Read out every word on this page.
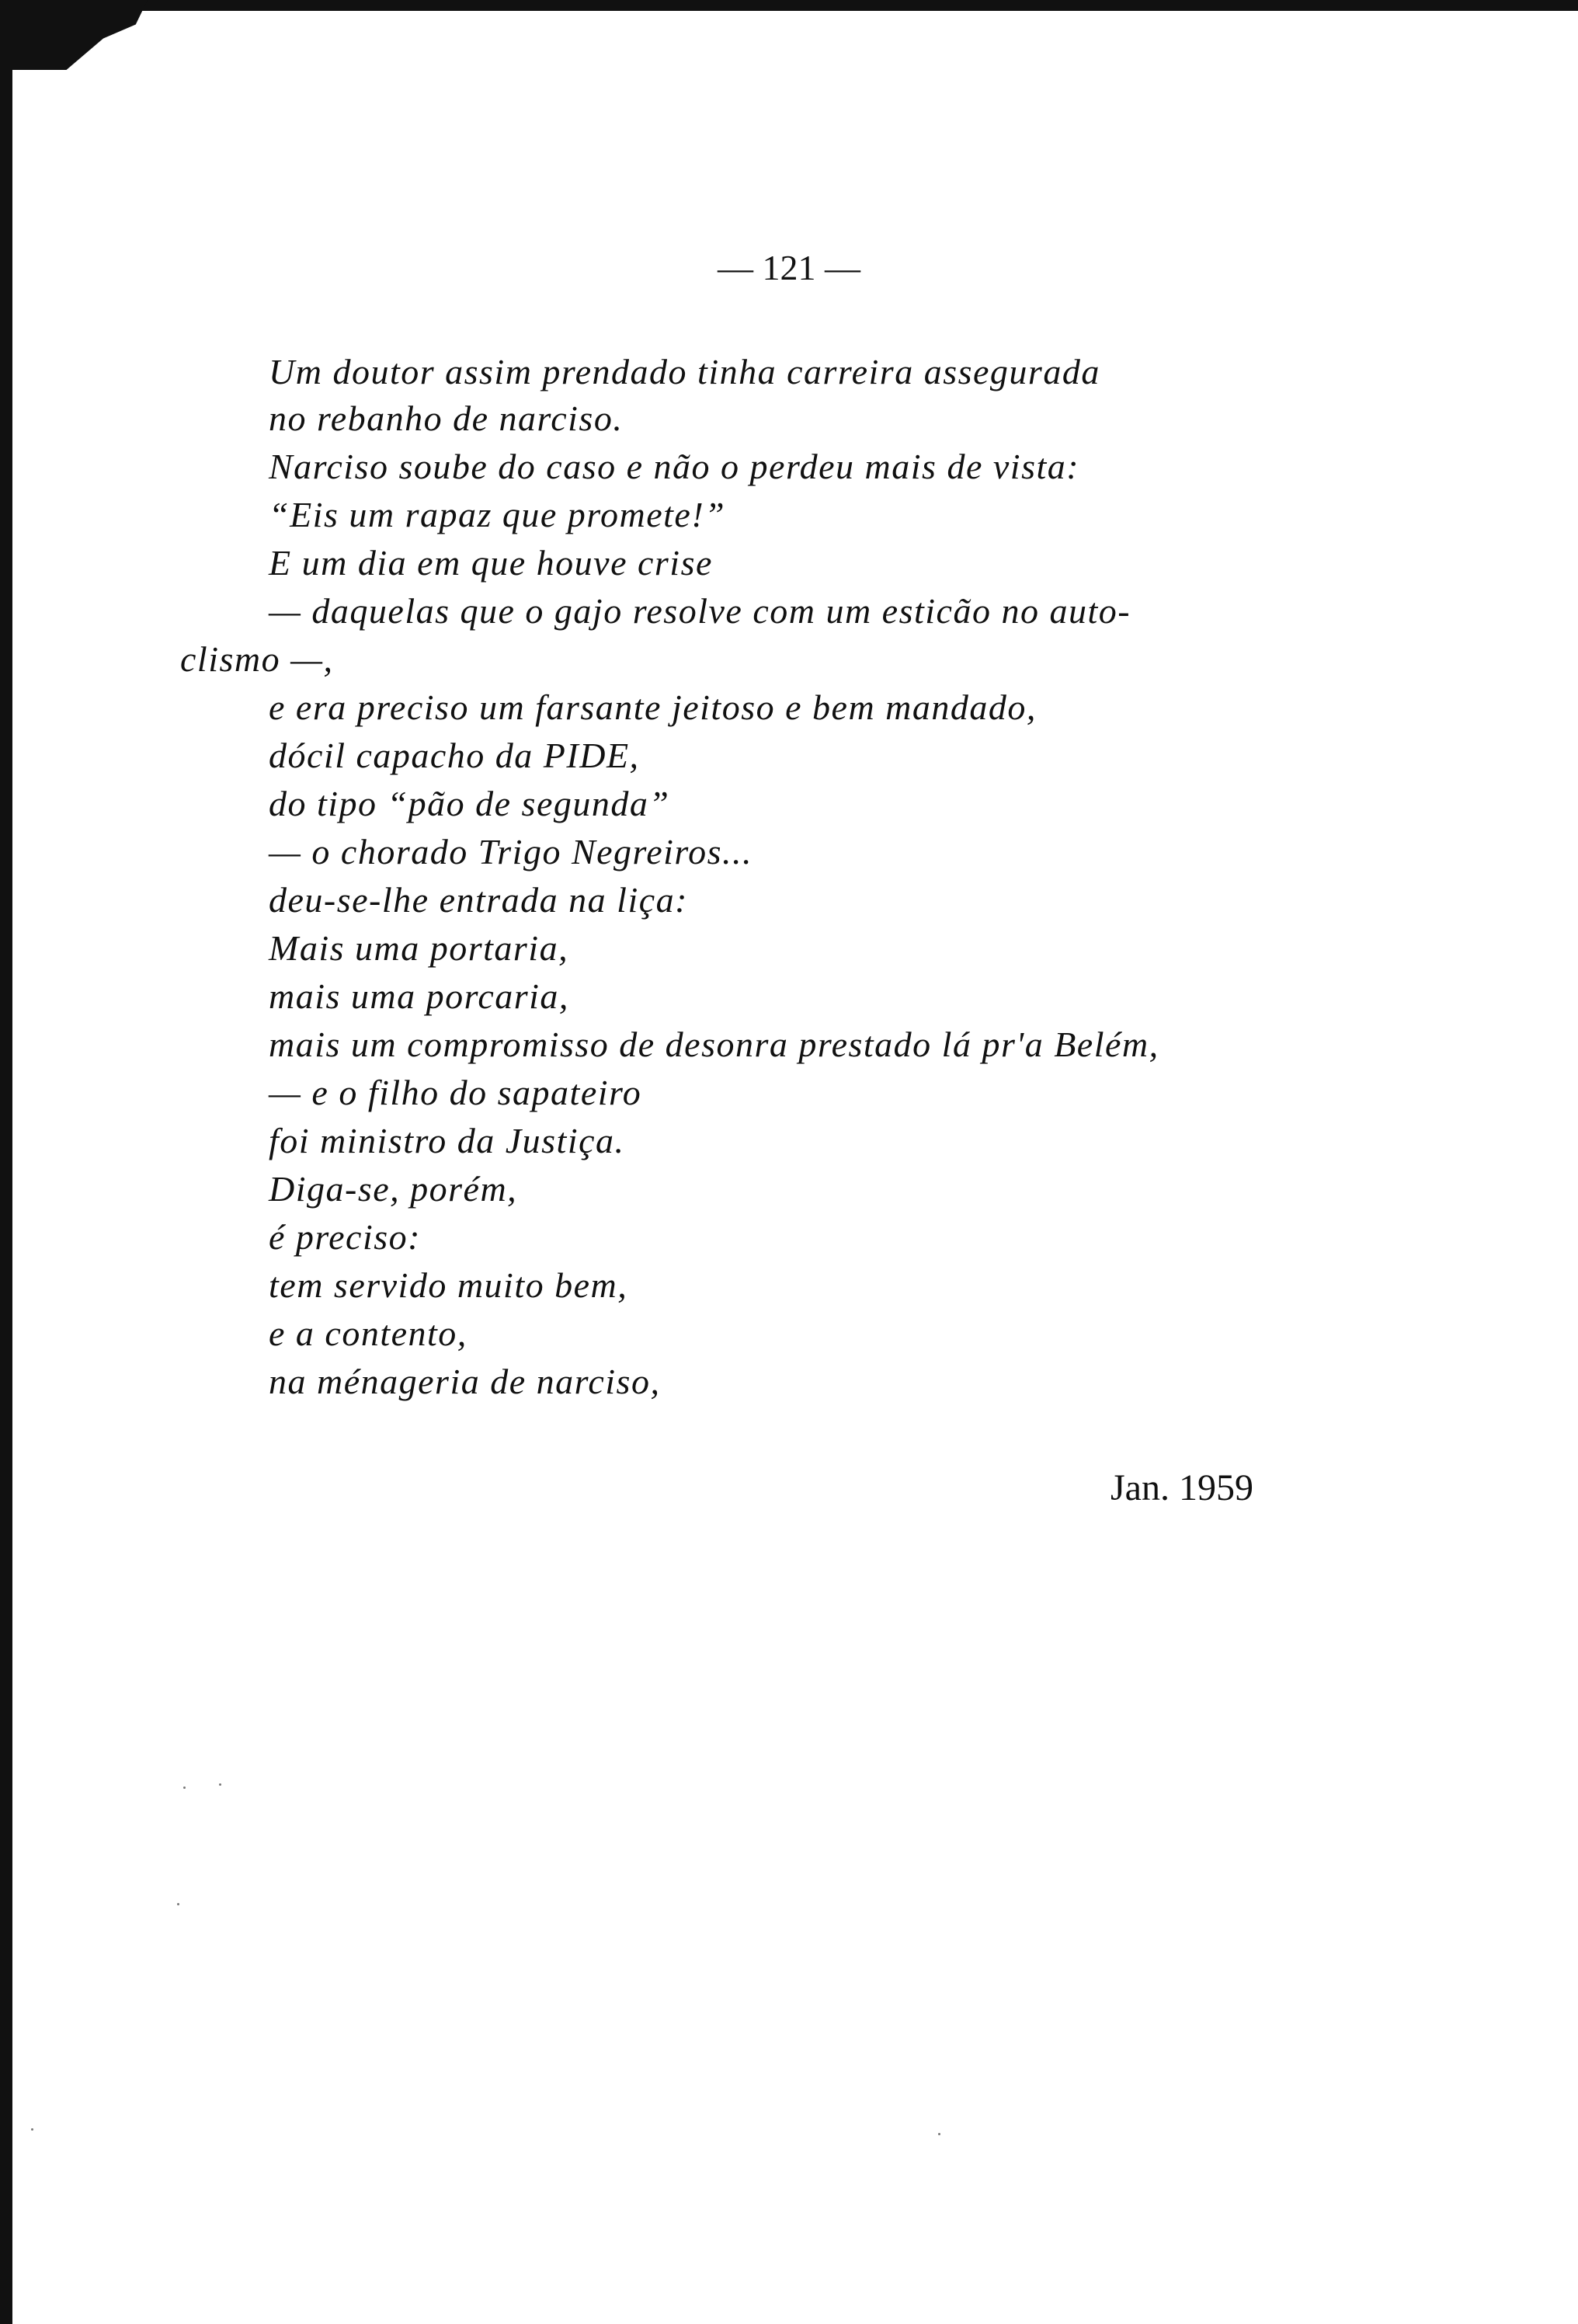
— 121 —
Um doutor assim prendado tinha carreira assegurada
no rebanho de narciso.
Narciso soube do caso e não o perdeu mais de vista:
“Eis um rapaz que promete!”
E um dia em que houve crise
— daquelas que o gajo resolve com um esticão no auto-
clismo —,
e era preciso um farsante jeitoso e bem mandado,
dócil capacho da PIDE,
do tipo “pão de segunda”
— o chorado Trigo Negreiros...
deu-se-lhe entrada na liça:
Mais uma portaria,
mais uma porcaria,
mais um compromisso de desonra prestado lá pr'a Belém,
— e o filho do sapateiro
foi ministro da Justiça.
Diga-se, porém,
é preciso:
tem servido muito bem,
e a contento,
na ménageria de narciso,
Jan. 1959
